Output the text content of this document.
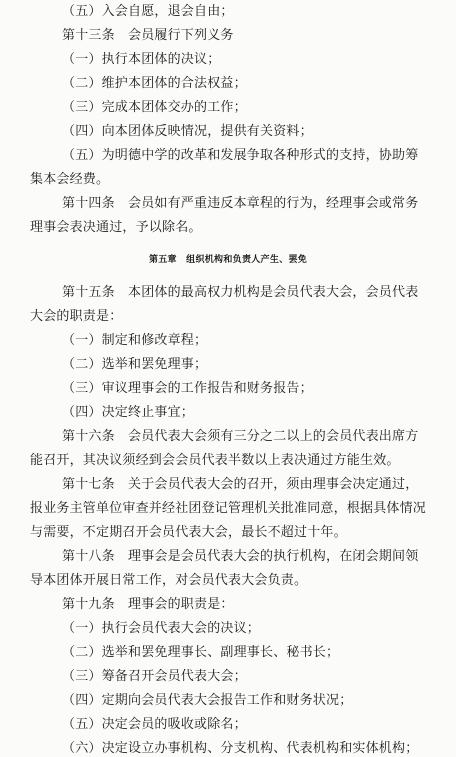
（五）入会自愿，退会自由；
第十三条　会员履行下列义务
（一）执行本团体的决议；
（二）维护本团体的合法权益；
（三）完成本团体交办的工作；
（四）向本团体反映情况，提供有关资料；
（五）为明德中学的改革和发展争取各种形式的支持，协助筹
集本会经费。
第十四条　会员如有严重违反本章程的行为，经理事会或常务
理事会表决通过，予以除名。
第五章　组织机构和负责人产生、罢免
第十五条　本团体的最高权力机构是会员代表大会，会员代表
大会的职责是：
（一）制定和修改章程；
（二）选举和罢免理事；
（三）审议理事会的工作报告和财务报告；
（四）决定终止事宜；
第十六条　会员代表大会须有三分之二以上的会员代表出席方
能召开，其决议须经到会会员代表半数以上表决通过方能生效。
第十七条　关于会员代表大会的召开，须由理事会决定通过，
报业务主管单位审查并经社团登记管理机关批准同意，根据具体情况
与需要，不定期召开会员代表大会，最长不超过十年。
第十八条　理事会是会员代表大会的执行机构，在闭会期间领
导本团体开展日常工作，对会员代表大会负责。
第十九条　理事会的职责是：
（一）执行会员代表大会的决议；
（二）选举和罢免理事长、副理事长、秘书长；
（三）筹备召开会员代表大会；
（四）定期向会员代表大会报告工作和财务状况；
（五）决定会员的吸收或除名；
（六）决定设立办事机构、分支机构、代表机构和实体机构；
